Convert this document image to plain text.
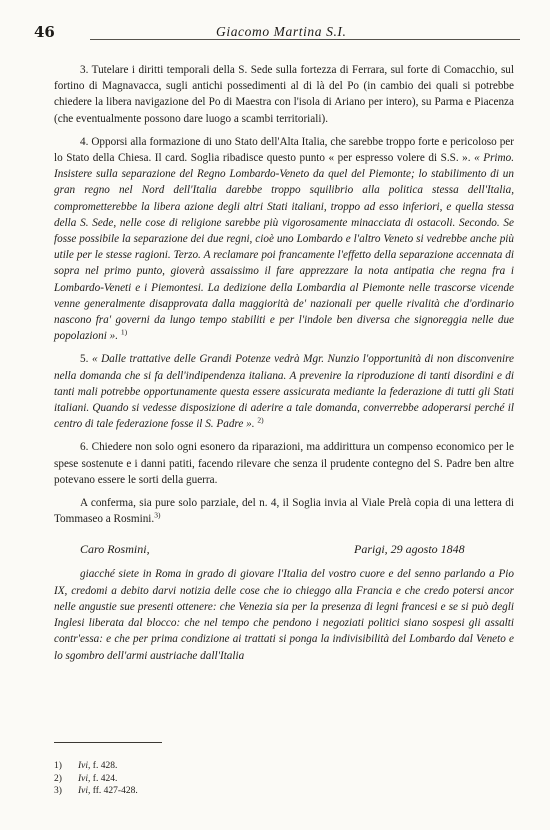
46	Giacomo Martina S.I.

3. Tutelare i diritti temporali della S. Sede sulla fortezza di Ferrara, sul forte di Comacchio, sul fortino di Magnavacca, sugli antichi possedimenti al di là del Po (in cambio dei quali si potrebbe chiedere la libera navigazione del Po di Maestra con l'isola di Ariano per intero), su Parma e Piacenza (che eventualmente possono dare luogo a scambi territoriali).

4. Opporsi alla formazione di uno Stato dell'Alta Italia, che sarebbe troppo forte e pericoloso per lo Stato della Chiesa. Il card. Soglia ribadisce questo punto « per espresso volere di S.S. ». « Primo. Insistere sulla separazione del Regno Lombardo-Veneto da quel del Piemonte; lo stabilimento di un gran regno nel Nord dell'Italia darebbe troppo squilibrio alla politica stessa dell'Italia, comprometterebbe la libera azione degli altri Stati italiani, troppo ad esso inferiori, e quella stessa della S. Sede, nelle cose di religione sarebbe più vigorosamente minacciata di ostacoli. Secondo. Se fosse possibile la separazione dei due regni, cioè uno Lombardo e l'altro Veneto si vedrebbe anche più utile per le stesse ragioni. Terzo. A reclamare poi francamente l'effetto della separazione accennata di sopra nel primo punto, gioverà assaissimo il fare apprezzare la nota antipatia che regna fra i Lombardo-Veneti e i Piemontesi. La dedizione della Lombardia al Piemonte nelle trascorse vicende venne generalmente disapprovata dalla maggiorità de' nazionali per quelle rivalità che d'ordinario nascono fra' governi da lungo tempo stabiliti e per l'indole ben diversa che signoreggia nelle due popolazioni ». $^{1)}$

5. « Dalle trattative delle Grandi Potenze vedrà Mgr. Nunzio l'opportunità di non disconvenire nella domanda che si fa dell'indipendenza italiana. A prevenire la riproduzione di tanti disordini e di tanti mali potrebbe opportunamente questa essere assicurata mediante la federazione di tutti gli Stati italiani. Quando si vedesse disposizione di aderire a tale domanda, converrebbe adoperarsi perché il centro di tale federazione fosse il S. Padre ». $^{2)}$

6. Chiedere non solo ogni esonero da riparazioni, ma addirittura un compenso economico per le spese sostenute e i danni patiti, facendo rilevare che senza il prudente contegno del S. Padre ben altre potevano essere le sorti della guerra.

A conferma, sia pure solo parziale, del n. 4, il Soglia invia al Viale Prelà copia di una lettera di Tommaseo a Rosmini.$^{3)}$

Caro Rosmini,	Parigi, 29 agosto 1848

giacché siete in Roma in grado di giovare l'Italia del vostro cuore e del senno parlando a Pio IX, credomi a debito darvi notizia delle cose che io chieggo alla Francia e che credo potersi ancor nelle angustie sue presenti ottenere: che Venezia sia per la presenza di legni francesi e se si può degli Inglesi liberata dal blocco: che nel tempo che pendono i negoziati politici siano sospesi gli assalti contr'essa: e che per prima condizione ai trattati si ponga la indivisibilità del Lombardo dal Veneto e lo sgombro dell'armi austriache dall'Italia

1)	Ivi, f. 428.
2)	Ivi, f. 424.
3)	Ivi, ff. 427-428.
